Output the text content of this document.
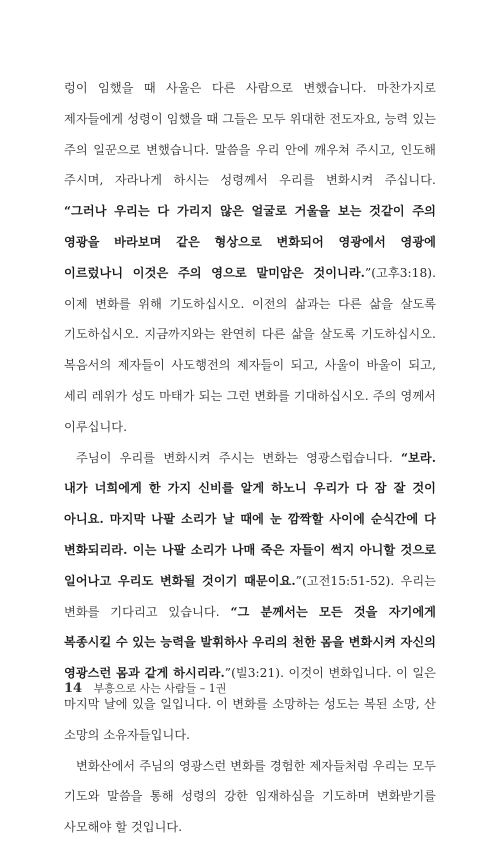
렁이 임했을 때 사울은 다른 사람으로 변했습니다. 마찬가지로 제자들에게 성령이 임했을 때 그들은 모두 위대한 전도자요, 능력 있는 주의 일꾼으로 변했습니다. 말씀을 우리 안에 깨우쳐 주시고, 인도해 주시며, 자라나게 하시는 성령께서 우리를 변화시켜 주십니다. “그러나 우리는 다 가리지 않은 얼굴로 거울을 보는 것같이 주의 영광을 바라보며 같은 형상으로 변화되어 영광에서 영광에 이르렀나니 이것은 주의 영으로 말미암은 것이니라.”(고후3:18). 이제 변화를 위해 기도하십시오. 이전의 삶과는 다른 삶을 살도록 기도하십시오. 지금까지와는 완연히 다른 삶을 살도록 기도하십시오. 복음서의 제자들이 사도행전의 제자들이 되고, 사울이 바울이 되고, 세리 레위가 성도 마태가 되는 그런 변화를 기대하십시오. 주의 영께서 이루십니다.

주님이 우리를 변화시켜 주시는 변화는 영광스럽습니다. “보라. 내가 너희에게 한 가지 신비를 알게 하노니 우리가 다 잠 잘 것이 아니요. 마지막 나팔 소리가 날 때에 눈 깜짝할 사이에 순식간에 다 변화되리라. 이는 나팔 소리가 나매 죽은 자들이 썩지 아니할 것으로 일어나고 우리도 변화될 것이기 때문이요.”(고전15:51-52). 우리는 변화를 기다리고 있습니다. “그 분께서는 모든 것을 자기에게 복종시킬 수 있는 능력을 발휘하사 우리의 천한 몸을 변화시켜 자신의 영광스런 몸과 같게 하시리라.”(빌3:21). 이것이 변화입니다. 이 일은 마지막 날에 있을 일입니다. 이 변화를 소망하는 성도는 복된 소망, 산 소망의 소유자들입니다.

변화산에서 주님의 영광스런 변화를 경험한 제자들처럼 우리는 모두 기도와 말씀을 통해 성령의 강한 임재하심을 기도하며 변화받기를 사모해야 할 것입니다.

14 부흥으로 사는 사람들 – 1권
